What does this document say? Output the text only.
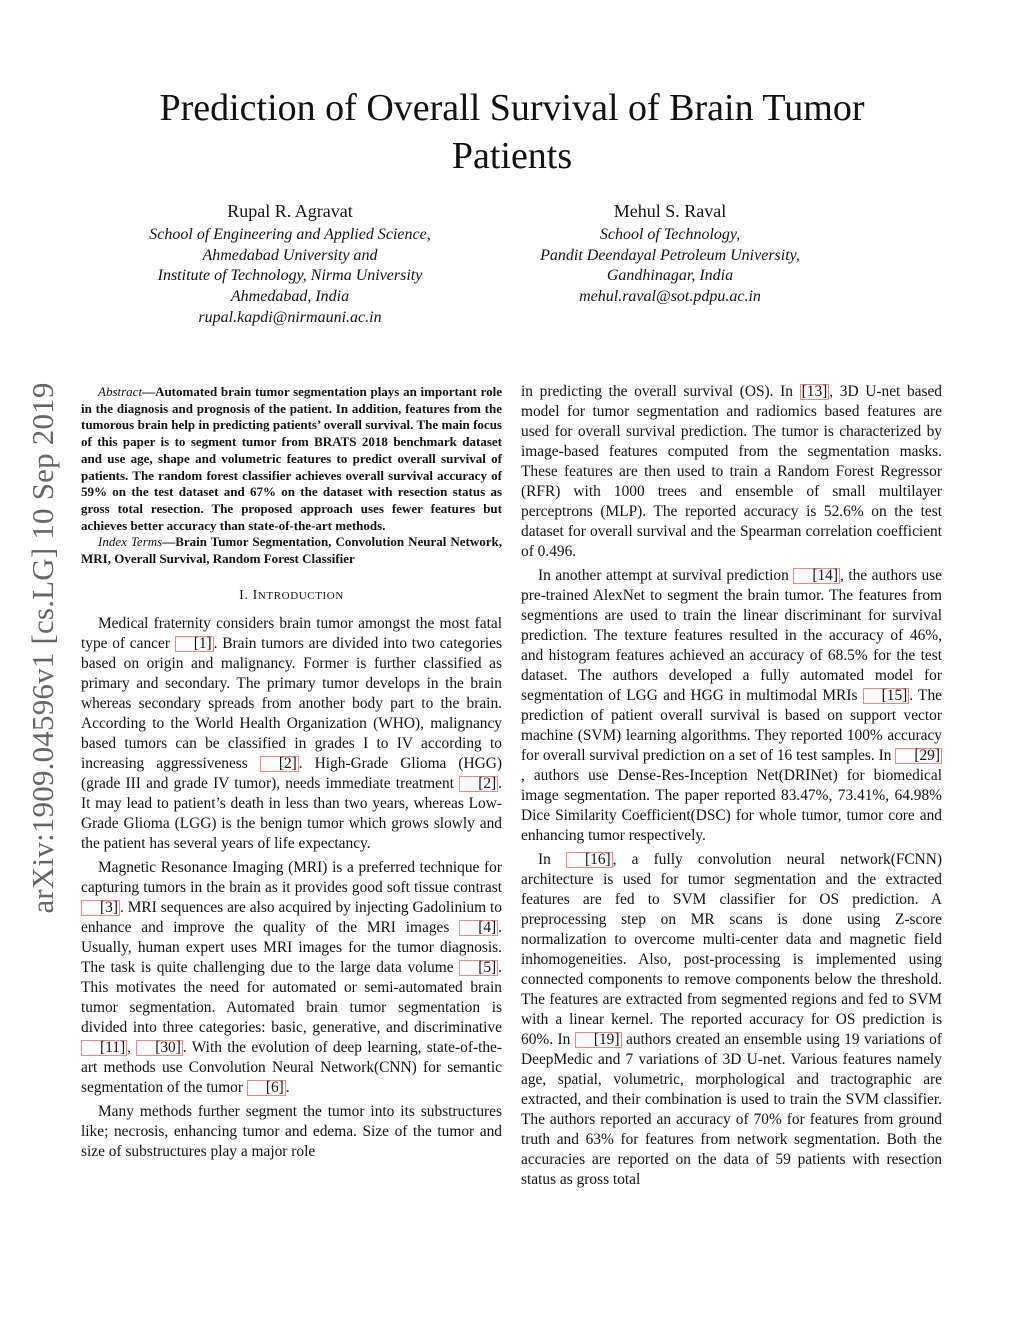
arXiv:1909.04596v1 [cs.LG] 10 Sep 2019
Prediction of Overall Survival of Brain Tumor
Patients
Rupal R. Agravat
School of Engineering and Applied Science,
Ahmedabad University and
Institute of Technology, Nirma University
Ahmedabad, India
rupal.kapdi@nirmauni.ac.in
Mehul S. Raval
School of Technology,
Pandit Deendayal Petroleum University,
Gandhinagar, India
mehul.raval@sot.pdpu.ac.in

Abstract—Automated brain tumor segmentation plays an important role in the diagnosis and prognosis of the patient. In addition, features from the tumorous brain help in predicting patients’ overall survival. The main focus of this paper is to segment tumor from BRATS 2018 benchmark dataset and use age, shape and volumetric features to predict overall survival of patients. The random forest classifier achieves overall survival accuracy of 59% on the test dataset and 67% on the dataset with resection status as gross total resection. The proposed approach uses fewer features but achieves better accuracy than state-of-the-art methods.

Index Terms—Brain Tumor Segmentation, Convolution Neural Network, MRI, Overall Survival, Random Forest Classifier

I. INTRODUCTION

Medical fraternity considers brain tumor amongst the most fatal type of cancer [1] . Brain tumors are divided into two categories based on origin and malignancy. Former is further classified as primary and secondary. The primary tumor develops in the brain whereas secondary spreads from another body part to the brain. According to the World Health Organization (WHO), malignancy based tumors can be classified in grades I to IV according to increasing aggressiveness [2] . High-Grade Glioma (HGG) (grade III and grade IV tumor), needs immediate treatment [2] . It may lead to patient’s death in less than two years, whereas Low-Grade Glioma (LGG) is the benign tumor which grows slowly and the patient has several years of life expectancy.

Magnetic Resonance Imaging (MRI) is a preferred technique for capturing tumors in the brain as it provides good soft tissue contrast [3] . MRI sequences are also acquired by injecting Gadolinium to enhance and improve the quality of the MRI images [4] . Usually, human expert uses MRI images for the tumor diagnosis. The task is quite challenging due to the large data volume [5] . This motivates the need for automated or semi-automated brain tumor segmentation. Automated brain tumor segmentation is divided into three categories: basic, generative, and discriminative [11] , [30] . With the evolution of deep learning, state-of-the-art methods use Convolution Neural Network(CNN) for semantic segmentation of the tumor [6] .

Many methods further segment the tumor into its substructures like; necrosis, enhancing tumor and edema. Size of the tumor and size of substructures play a major role

in predicting the overall survival (OS). In [13] , 3D U-net based model for tumor segmentation and radiomics based features are used for overall survival prediction. The tumor is characterized by image-based features computed from the segmentation masks. These features are then used to train a Random Forest Regressor (RFR) with 1000 trees and ensemble of small multilayer perceptrons (MLP). The reported accuracy is 52.6% on the test dataset for overall survival and the Spearman correlation coefficient of 0.496.

In another attempt at survival prediction [14] , the authors use pre-trained AlexNet to segment the brain tumor. The features from segmentions are used to train the linear discriminant for survival prediction. The texture features resulted in the accuracy of 46%, and histogram features achieved an accuracy of 68.5% for the test dataset. The authors developed a fully automated model for segmentation of LGG and HGG in multimodal MRIs [15] . The prediction of patient overall survival is based on support vector machine (SVM) learning algorithms. They reported 100% accuracy for overall survival prediction on a set of 16 test samples. In [29], authors use Dense-Res-Inception Net(DRINet) for biomedical image segmentation. The paper reported 83.47%, 73.41%, 64.98% Dice Similarity Coefficient(DSC) for whole tumor, tumor core and enhancing tumor respectively.

In [16] , a fully convolution neural network(FCNN) architecture is used for tumor segmentation and the extracted features are fed to SVM classifier for OS prediction. A preprocessing step on MR scans is done using Z-score normalization to overcome multi-center data and magnetic field inhomogeneities. Also, post-processing is implemented using connected components to remove components below the threshold. The features are extracted from segmented regions and fed to SVM with a linear kernel. The reported accuracy for OS prediction is 60%. In [19] authors created an ensemble using 19 variations of DeepMedic and 7 variations of 3D U-net. Various features namely age, spatial, volumetric, morphological and tractographic are extracted, and their combination is used to train the SVM classifier. The authors reported an accuracy of 70% for features from ground truth and 63% for features from network segmentation. Both the accuracies are reported on the data of 59 patients with resection status as gross total
